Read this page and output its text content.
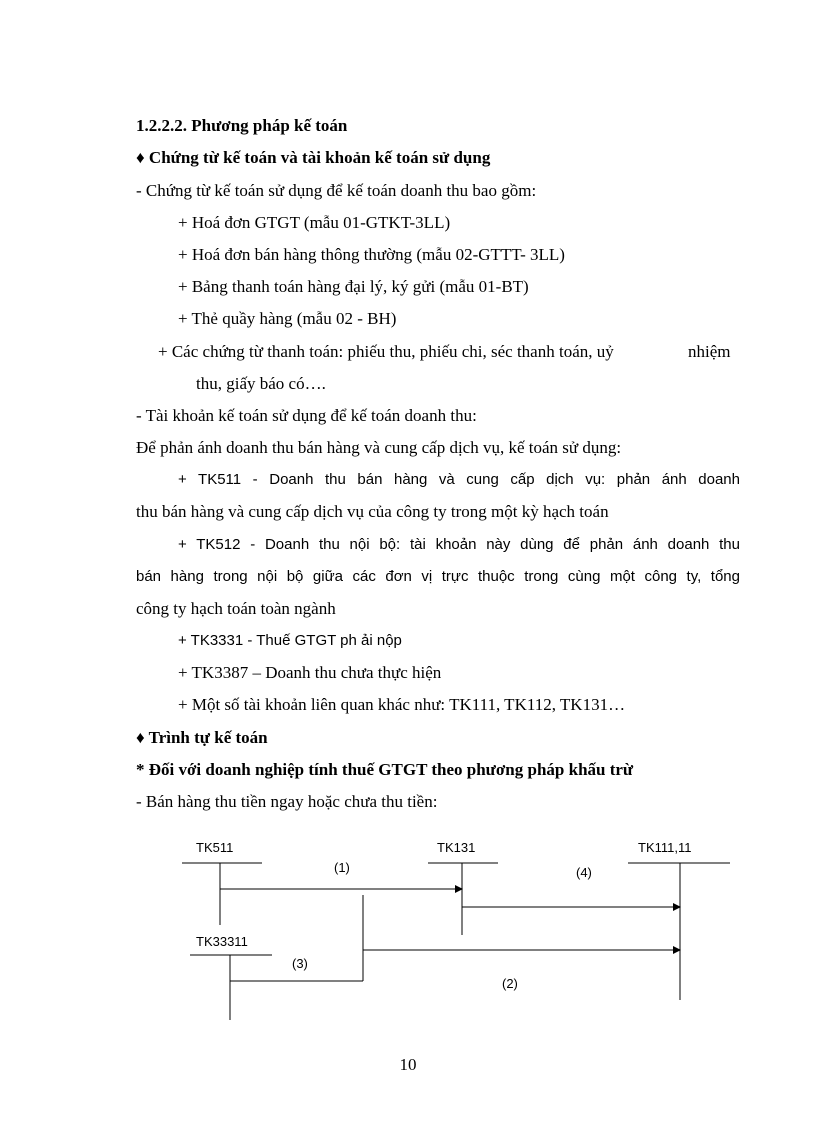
1.2.2.2. Phương pháp kế toán
♦ Chứng từ kế toán và tài khoản kế toán sử dụng
- Chứng từ kế toán sử dụng để kế toán doanh thu bao gồm:
+ Hoá đơn GTGT (mẫu 01-GTKT-3LL)
+ Hoá đơn bán hàng thông thường (mẫu 02-GTTT- 3LL)
+ Bảng thanh toán hàng đại lý, ký gửi (mẫu 01-BT)
+ Thẻ quầy hàng (mẫu 02 - BH)
+ Các chứng từ thanh toán: phiếu thu, phiếu chi, séc thanh toán, uỷ	nhiệm
thu, giấy báo có….
- Tài khoản kế toán sử dụng để kế toán doanh thu:
Để phản ánh doanh thu bán hàng và cung cấp dịch vụ, kế toán sử dụng:
+ TK511 - Doanh thu bán hàng và cung cấp dịch vụ: phản ánh doanh
thu bán hàng và cung cấp dịch vụ của công ty trong một kỳ hạch toán
+ TK512 - Doanh thu nội bộ: tài khoản này dùng để phản ánh doanh thu
bán hàng trong nội bộ giữa các đơn vị trực thuộc trong cùng một công ty, tổng
công ty hạch toán toàn ngành
+ TK3331 - Thuế GTGT ph ải nộp
+ TK3387 – Doanh thu chưa thực hiện
+ Một số tài khoản liên quan khác như: TK111, TK112, TK131…
♦ Trình tự kế toán
* Đối với doanh nghiệp tính thuế GTGT theo phương pháp khấu trừ
- Bán hàng thu tiền ngay hoặc chưa thu tiền:
TK511	TK131	TK111,11
TK33311
(1)	(4)
(3)
(2)
10
